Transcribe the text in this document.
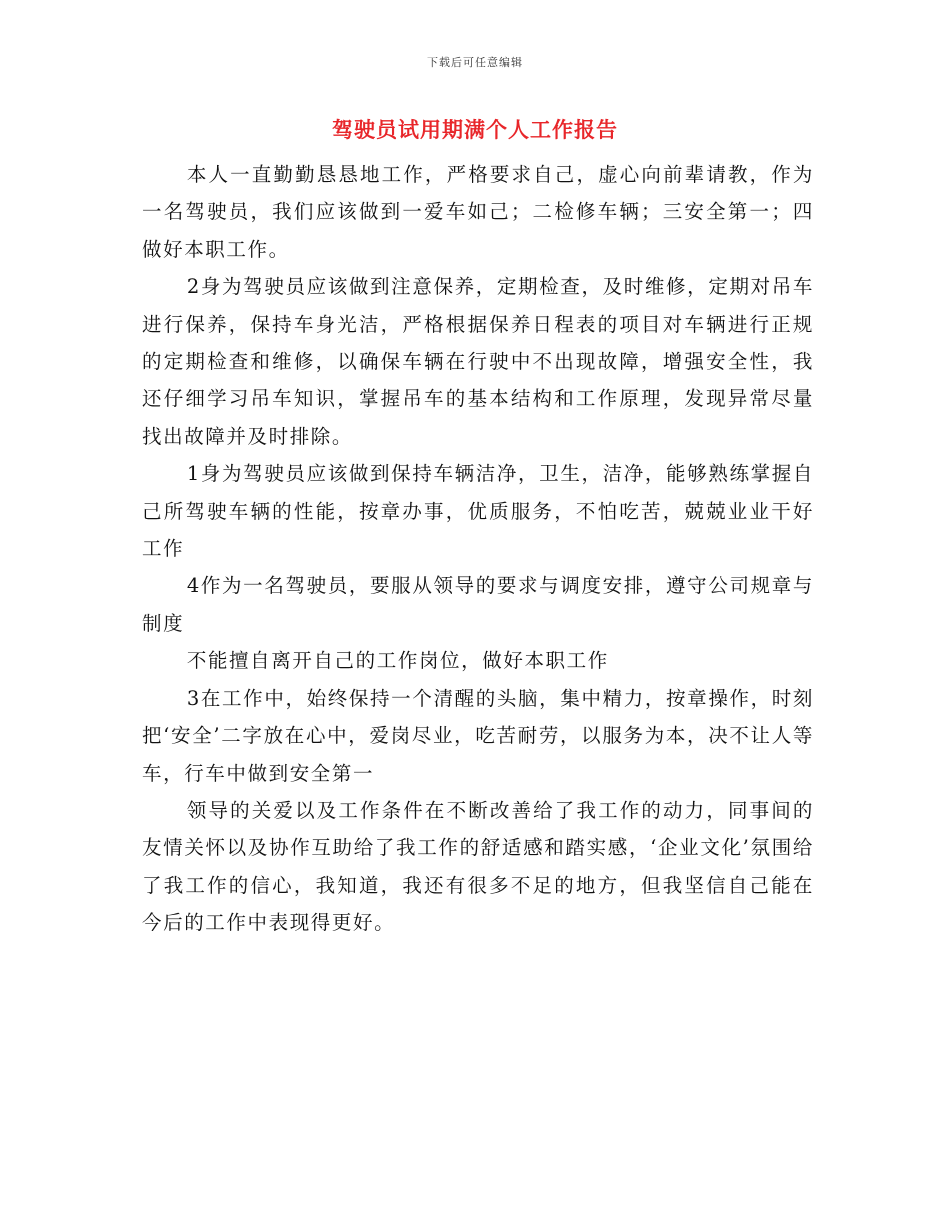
下载后可任意编辑
驾驶员试用期满个人工作报告

本人一直勤勤恳恳地工作，严格要求自己，虚心向前辈请教，作为一名驾驶员，我们应该做到一爱车如己；二检修车辆；三安全第一；四做好本职工作。

2身为驾驶员应该做到注意保养，定期检查，及时维修，定期对吊车进行保养，保持车身光洁，严格根据保养日程表的项目对车辆进行正规的定期检查和维修，以确保车辆在行驶中不出现故障，增强安全性，我还仔细学习吊车知识，掌握吊车的基本结构和工作原理，发现异常尽量找出故障并及时排除。

1身为驾驶员应该做到保持车辆洁净，卫生，洁净，能够熟练掌握自己所驾驶车辆的性能，按章办事，优质服务，不怕吃苦，兢兢业业干好工作

4作为一名驾驶员，要服从领导的要求与调度安排，遵守公司规章与制度

不能擅自离开自己的工作岗位，做好本职工作

3在工作中，始终保持一个清醒的头脑，集中精力，按章操作，时刻把‘安全’二字放在心中，爱岗尽业，吃苦耐劳，以服务为本，决不让人等车，行车中做到安全第一

领导的关爱以及工作条件在不断改善给了我工作的动力，同事间的友情关怀以及协作互助给了我工作的舒适感和踏实感，‘企业文化’氛围给了我工作的信心，我知道，我还有很多不足的地方，但我坚信自己能在今后的工作中表现得更好。
